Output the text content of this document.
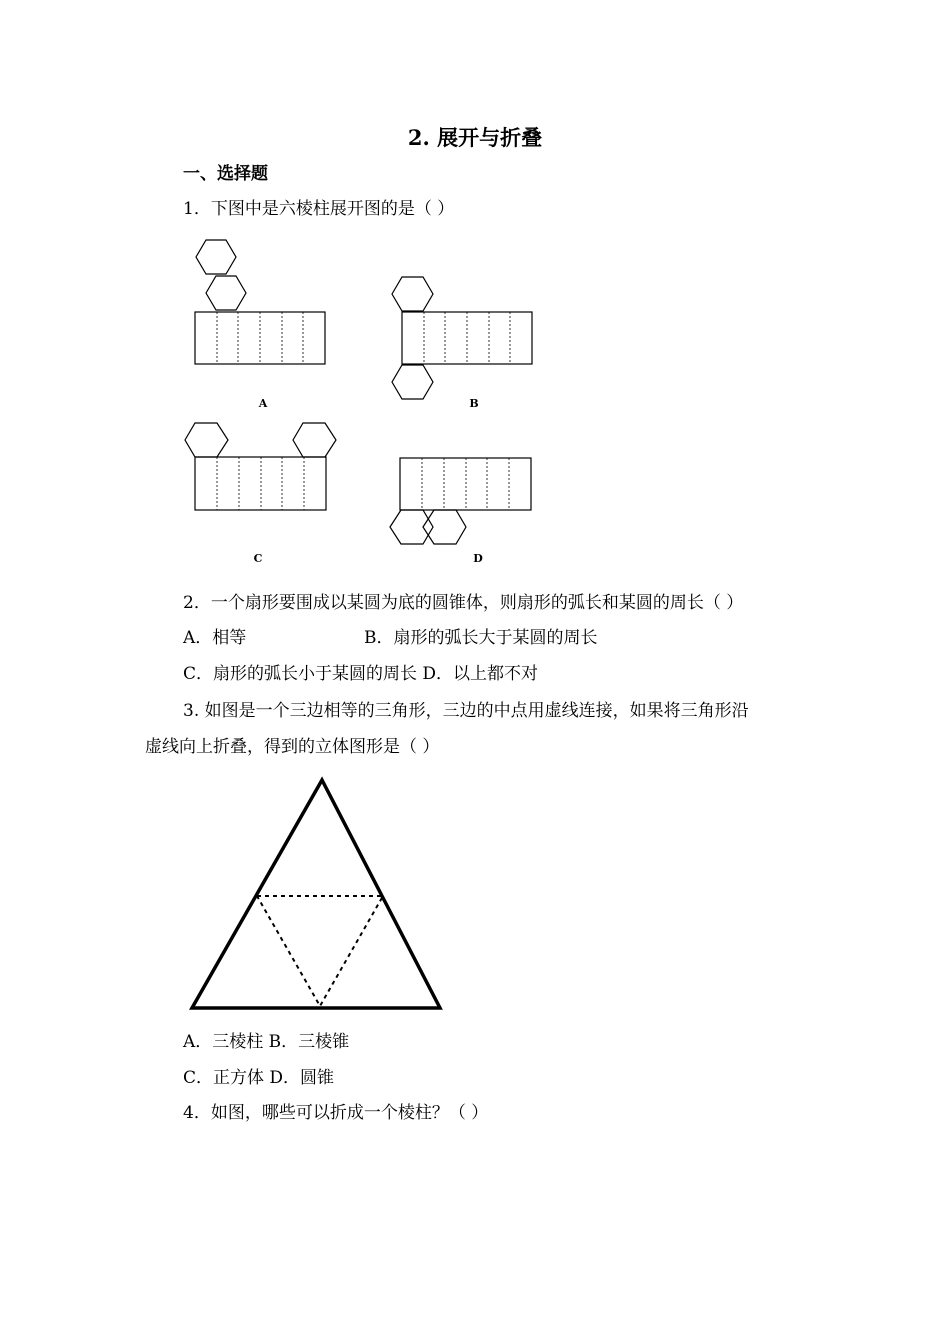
2. 展开与折叠
一、选择题
1．下图中是六棱柱展开图的是（ ）
A	B
C	D
2．一个扇形要围成以某圆为底的圆锥体，则扇形的弧长和某圆的周长（ ）
A．相等	B．扇形的弧长大于某圆的周长
C．扇形的弧长小于某圆的周长 D．以上都不对
3. 如图是一个三边相等的三角形，三边的中点用虚线连接，如果将三角形沿
虚线向上折叠，得到的立体图形是（ ）
A．三棱柱 B．三棱锥
C．正方体 D．圆锥
4．如图，哪些可以折成一个棱柱？（ ）
